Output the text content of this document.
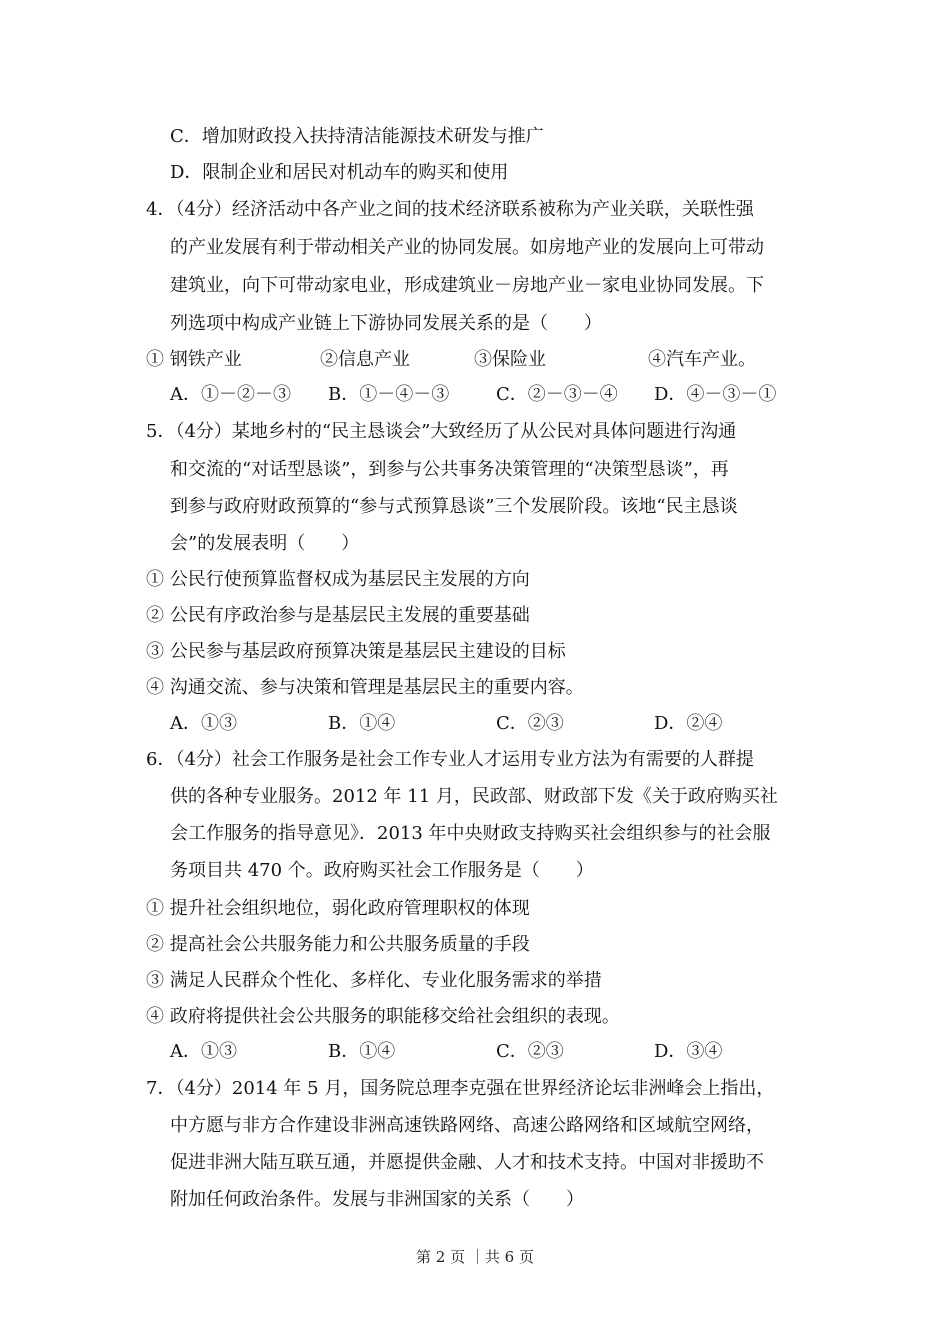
C．增加财政投入扶持清洁能源技术研发与推广
D．限制企业和居民对机动车的购买和使用
4．（4分）经济活动中各产业之间的技术经济联系被称为产业关联，关联性强
的产业发展有利于带动相关产业的协同发展。如房地产业的发展向上可带动
建筑业，向下可带动家电业，形成建筑业－房地产业－家电业协同发展。下
列选项中构成产业链上下游协同发展关系的是（　　）
① 钢铁产业	②信息产业	③保险业	④汽车产业。
A．①－②－③ B．①－④－③	C．②－③－④ D．④－③－①
5．（4分）某地乡村的“民主恳谈会”大致经历了从公民对具体问题进行沟通
和交流的“对话型恳谈”，到参与公共事务决策管理的“决策型恳谈”，再
到参与政府财政预算的“参与式预算恳谈”三个发展阶段。该地“民主恳谈
会”的发展表明（　　）
① 公民行使预算监督权成为基层民主发展的方向
② 公民有序政治参与是基层民主发展的重要基础
③ 公民参与基层政府预算决策是基层民主建设的目标
④ 沟通交流、参与决策和管理是基层民主的重要内容。
A．①③	B．①④	C．②③	D．②④
6．（4分）社会工作服务是社会工作专业人才运用专业方法为有需要的人群提
供的各种专业服务。2012 年 11 月，民政部、财政部下发《关于政府购买社
会工作服务的指导意见》．2013 年中央财政支持购买社会组织参与的社会服
务项目共 470 个。政府购买社会工作服务是（　　）
① 提升社会组织地位，弱化政府管理职权的体现
② 提高社会公共服务能力和公共服务质量的手段
③ 满足人民群众个性化、多样化、专业化服务需求的举措
④ 政府将提供社会公共服务的职能移交给社会组织的表现。
A．①③	B．①④	C．②③	D．③④
7．（4分）2014 年 5 月，国务院总理李克强在世界经济论坛非洲峰会上指出，
中方愿与非方合作建设非洲高速铁路网络、高速公路网络和区域航空网络，
促进非洲大陆互联互通，并愿提供金融、人才和技术支持。中国对非援助不
附加任何政治条件。发展与非洲国家的关系（　　）
第 2 页 ｜共 6 页
